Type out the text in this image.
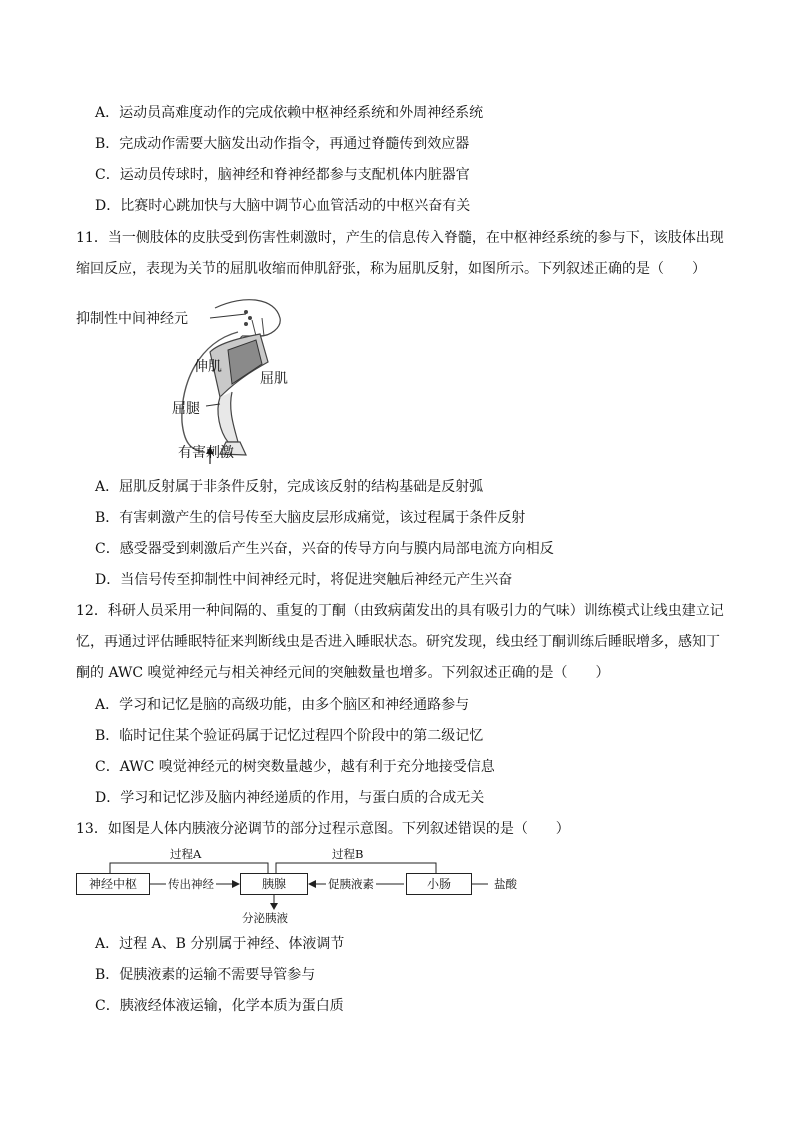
A．运动员高难度动作的完成依赖中枢神经系统和外周神经系统
B．完成动作需要大脑发出动作指令，再通过脊髓传到效应器
C．运动员传球时，脑神经和脊神经都参与支配机体内脏器官
D．比赛时心跳加快与大脑中调节心血管活动的中枢兴奋有关
11．当一侧肢体的皮肤受到伤害性刺激时，产生的信息传入脊髓，在中枢神经系统的参与下，该肢体出现
缩回反应，表现为关节的屈肌收缩而伸肌舒张，称为屈肌反射，如图所示。下列叙述正确的是（　　）
抑制性中间神经元
伸肌
屈肌
屈腿
有害刺激
A．屈肌反射属于非条件反射，完成该反射的结构基础是反射弧
B．有害刺激产生的信号传至大脑皮层形成痛觉，该过程属于条件反射
C．感受器受到刺激后产生兴奋，兴奋的传导方向与膜内局部电流方向相反
D．当信号传至抑制性中间神经元时，将促进突触后神经元产生兴奋
12．科研人员采用一种间隔的、重复的丁酮（由致病菌发出的具有吸引力的气味）训练模式让线虫建立记
忆，再通过评估睡眠特征来判断线虫是否进入睡眠状态。研究发现，线虫经丁酮训练后睡眠增多，感知丁
酮的 AWC 嗅觉神经元与相关神经元间的突触数量也增多。下列叙述正确的是（　　）
A．学习和记忆是脑的高级功能，由多个脑区和神经通路参与
B．临时记住某个验证码属于记忆过程四个阶段中的第二级记忆
C．AWC 嗅觉神经元的树突数量越少，越有利于充分地接受信息
D．学习和记忆涉及脑内神经递质的作用，与蛋白质的合成无关
13．如图是人体内胰液分泌调节的部分过程示意图。下列叙述错误的是（　　）
过程A	过程B
神经中枢	传出神经	胰腺	促胰液素	小肠	盐酸
分泌胰液
A．过程 A、B 分别属于神经、体液调节
B．促胰液素的运输不需要导管参与
C．胰液经体液运输，化学本质为蛋白质
